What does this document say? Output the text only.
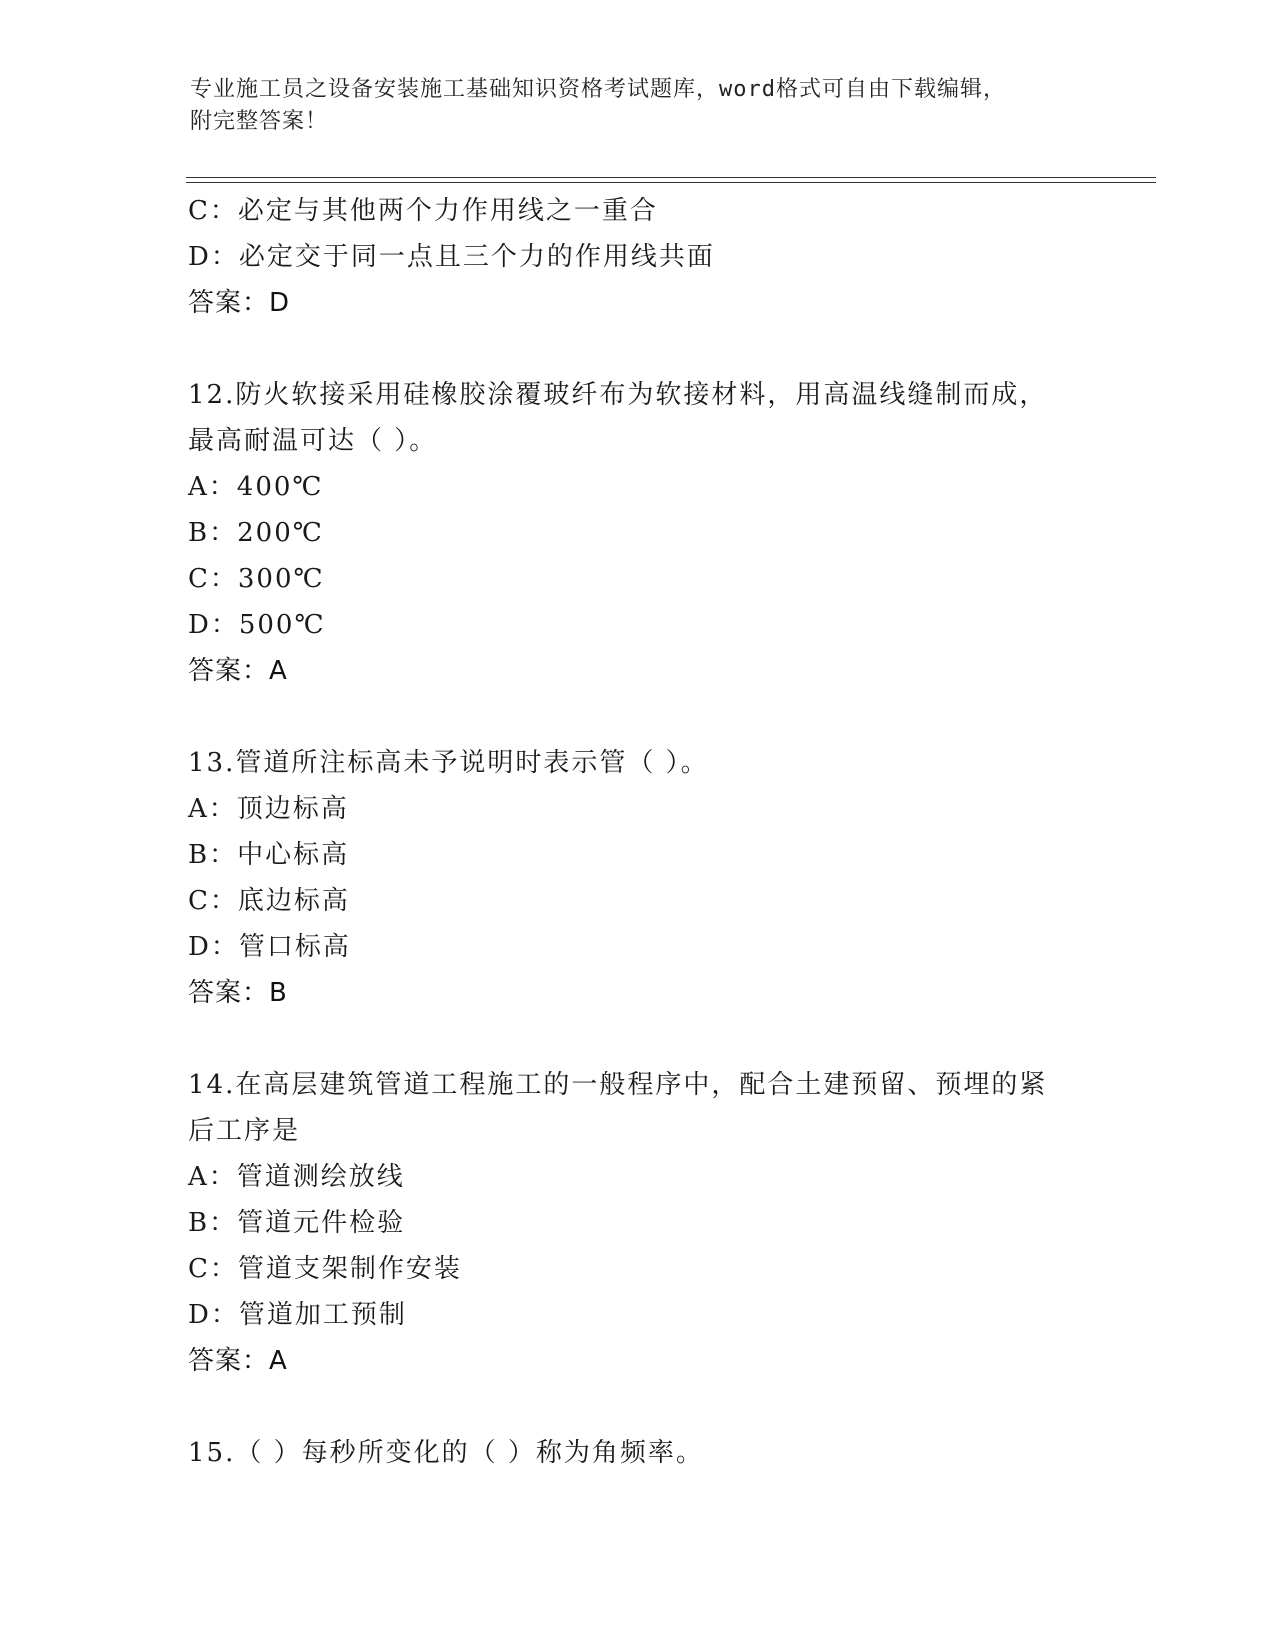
专业施工员之设备安装施工基础知识资格考试题库，word格式可自由下载编辑，
附完整答案！
C：必定与其他两个力作用线之一重合
D：必定交于同一点且三个力的作用线共面
答案：D
12.防火软接采用硅橡胶涂覆玻纤布为软接材料，用高温线缝制而成，
最高耐温可达（ ）。
A：400℃
B：200℃
C：300℃
D：500℃
答案：A
13.管道所注标高未予说明时表示管（ ）。
A：顶边标高
B：中心标高
C：底边标高
D：管口标高
答案：B
14.在高层建筑管道工程施工的一般程序中，配合土建预留、预埋的紧
后工序是
A：管道测绘放线
B：管道元件检验
C：管道支架制作安装
D：管道加工预制
答案：A
15.（ ）每秒所变化的（ ）称为角频率。
